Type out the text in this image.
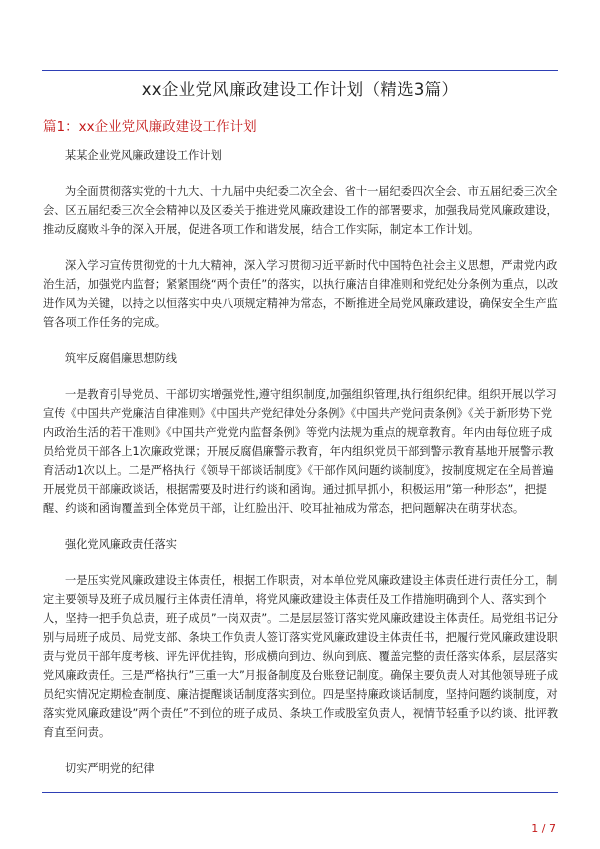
xx企业党风廉政建设工作计划（精选3篇）
篇1：xx企业党风廉政建设工作计划

某某企业党风廉政建设工作计划

为全面贯彻落实党的十九大、十九届中央纪委二次全会、省十一届纪委四次全会、市五届纪委三次全会、区五届纪委三次全会精神以及区委关于推进党风廉政建设工作的部署要求，加强我局党风廉政建设，推动反腐败斗争的深入开展，促进各项工作和谐发展，结合工作实际，制定本工作计划。

深入学习宣传贯彻党的十九大精神，深入学习贯彻习近平新时代中国特色社会主义思想，严肃党内政治生活，加强党内监督；紧紧围绕“两个责任”的落实，以执行廉洁自律准则和党纪处分条例为重点，以改进作风为关键，以持之以恒落实中央八项规定精神为常态，不断推进全局党风廉政建设，确保安全生产监管各项工作任务的完成。

筑牢反腐倡廉思想防线

一是教育引导党员、干部切实增强党性,遵守组织制度,加强组织管理,执行组织纪律。组织开展以学习宣传《中国共产党廉洁自律准则》《中国共产党纪律处分条例》《中国共产党问责条例》《关于新形势下党内政治生活的若干准则》《中国共产党党内监督条例》等党内法规为重点的规章教育。年内由每位班子成员给党员干部各上1次廉政党课；开展反腐倡廉警示教育，年内组织党员干部到警示教育基地开展警示教育活动1次以上。二是严格执行《领导干部谈话制度》《干部作风问题约谈制度》，按制度规定在全局普遍开展党员干部廉政谈话，根据需要及时进行约谈和函询。通过抓早抓小，积极运用”第一种形态”，把提醒、约谈和函询覆盖到全体党员干部，让红脸出汗、咬耳扯袖成为常态，把问题解决在萌芽状态。

强化党风廉政责任落实

一是压实党风廉政建设主体责任，根据工作职责，对本单位党风廉政建设主体责任进行责任分工，制定主要领导及班子成员履行主体责任清单，将党风廉政建设主体责任及工作措施明确到个人、落实到个人，坚持一把手负总责，班子成员”一岗双责”。二是层层签订落实党风廉政建设主体责任。局党组书记分别与局班子成员、局党支部、条块工作负责人签订落实党风廉政建设主体责任书，把履行党风廉政建设职责与党员干部年度考核、评先评优挂钩，形成横向到边、纵向到底、覆盖完整的责任落实体系，层层落实党风廉政责任。三是严格执行”三重一大”月报备制度及台账登记制度。确保主要负责人对其他领导班子成员纪实情况定期检查制度、廉洁提醒谈话制度落实到位。四是坚持廉政谈话制度，坚持问题约谈制度，对落实党风廉政建设”两个责任”不到位的班子成员、条块工作或股室负责人，视情节轻重予以约谈、批评教育直至问责。

切实严明党的纪律

1 / 7
